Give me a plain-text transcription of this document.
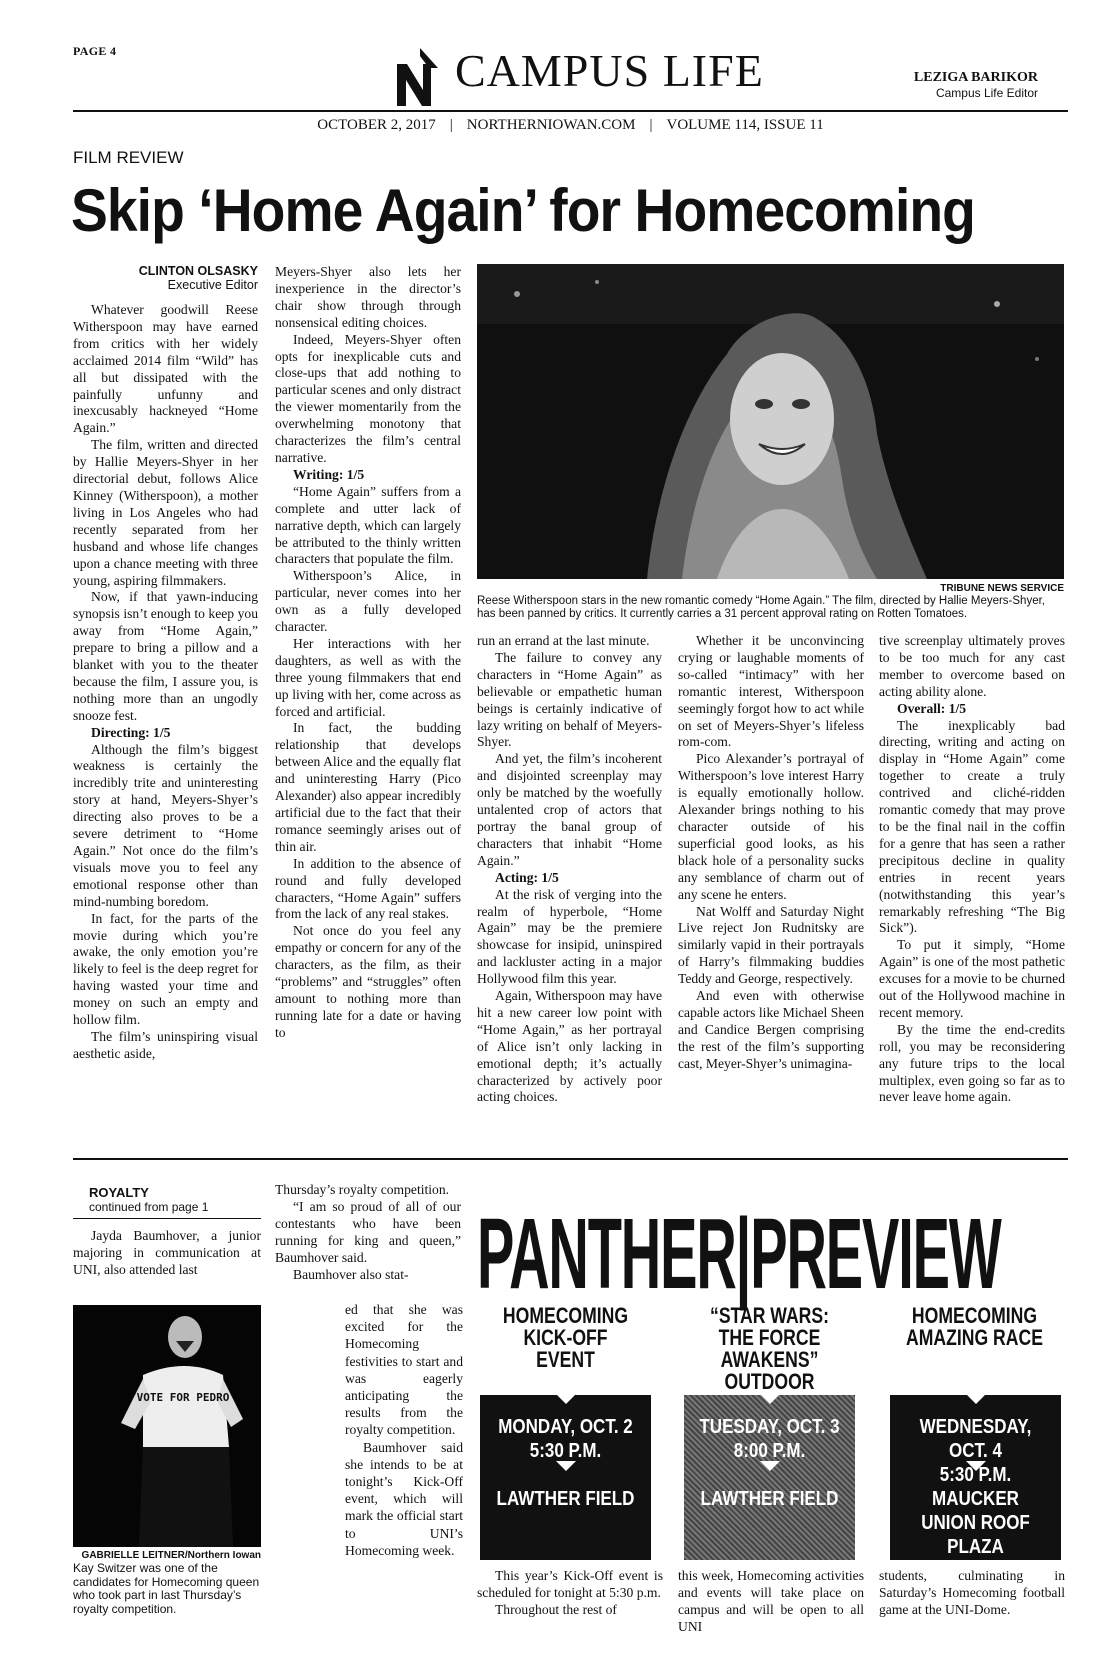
PAGE 4	CAMPUS LIFE	LEZIGA BARIKOR
Campus Life Editor
OCTOBER 2, 2017 | NORTHERNIOWAN.COM | VOLUME 114, ISSUE 11
FILM REVIEW
Skip ‘Home Again’ for Homecoming
CLINTON OLSASKY
Executive Editor

Whatever goodwill Reese Witherspoon may have earned from critics with her widely acclaimed 2014 film “Wild” has all but dissipated with the painfully unfunny and inexcusably hackneyed “Home Again.”

The film, written and directed by Hallie Meyers-Shyer in her directorial debut, follows Alice Kinney (Witherspoon), a mother living in Los Angeles who had recently separated from her husband and whose life changes upon a chance meeting with three young, aspiring filmmakers.

Now, if that yawn-inducing synopsis isn’t enough to keep you away from “Home Again,” prepare to bring a pillow and a blanket with you to the theater because the film, I assure you, is nothing more than an ungodly snooze fest.

Directing: 1/5

Although the film’s biggest weakness is certainly the incredibly trite and uninteresting story at hand, Meyers-Shyer’s directing also proves to be a severe detriment to “Home Again.” Not once do the film’s visuals move you to feel any emotional response other than mind-numbing boredom.

In fact, for the parts of the movie during which you’re awake, the only emotion you’re likely to feel is the deep regret for having wasted your time and money on such an empty and hollow film.

The film’s uninspiring visual aesthetic aside,

Meyers-Shyer also lets her inexperience in the director’s chair show through through nonsensical editing choices.

Indeed, Meyers-Shyer often opts for inexplicable cuts and close-ups that add nothing to particular scenes and only distract the viewer momentarily from the overwhelming monotony that characterizes the film’s central narrative.

Writing: 1/5

“Home Again” suffers from a complete and utter lack of narrative depth, which can largely be attributed to the thinly written characters that populate the film.

Witherspoon’s Alice, in particular, never comes into her own as a fully developed character.

Her interactions with her daughters, as well as with the three young filmmakers that end up living with her, come across as forced and artificial.

In fact, the budding relationship that develops between Alice and the equally flat and uninteresting Harry (Pico Alexander) also appear incredibly artificial due to the fact that their romance seemingly arises out of thin air.

In addition to the absence of round and fully developed characters, “Home Again” suffers from the lack of any real stakes.

Not once do you feel any empathy or concern for any of the characters, as the film, as their “problems” and “struggles” often amount to nothing more than running late for a date or having to

TRIBUNE NEWS SERVICE
Reese Witherspoon stars in the new romantic comedy “Home Again.” The film, directed by Hallie Meyers-Shyer, has been panned by critics. It currently carries a 31 percent approval rating on Rotten Tomatoes.

run an errand at the last minute.

The failure to convey any characters in “Home Again” as believable or empathetic human beings is certainly indicative of lazy writing on behalf of Meyers-Shyer.

And yet, the film’s incoherent and disjointed screenplay may only be matched by the woefully untalented crop of actors that portray the banal group of characters that inhabit “Home Again.”

Acting: 1/5

At the risk of verging into the realm of hyperbole, “Home Again” may be the premiere showcase for insipid, uninspired and lackluster acting in a major Hollywood film this year.

Again, Witherspoon may have hit a new career low point with “Home Again,” as her portrayal of Alice isn’t only lacking in emotional depth; it’s actually characterized by actively poor acting choices.

Whether it be unconvincing crying or laughable moments of so-called “intimacy” with her romantic interest, Witherspoon seemingly forgot how to act while on set of Meyers-Shyer’s lifeless rom-com.

Pico Alexander’s portrayal of Witherspoon’s love interest Harry is equally emotionally hollow. Alexander brings nothing to his character outside of his superficial good looks, as his black hole of a personality sucks any semblance of charm out of any scene he enters.

Nat Wolff and Saturday Night Live reject Jon Rudnitsky are similarly vapid in their portrayals of Harry’s filmmaking buddies Teddy and George, respectively.

And even with otherwise capable actors like Michael Sheen and Candice Bergen comprising the rest of the film’s supporting cast, Meyer-Shyer’s unimagina-

tive screenplay ultimately proves to be too much for any cast member to overcome based on acting ability alone.

Overall: 1/5

The inexplicably bad directing, writing and acting on display in “Home Again” come together to create a truly contrived and cliché-ridden romantic comedy that may prove to be the final nail in the coffin for a genre that has seen a rather precipitous decline in quality entries in recent years (notwithstanding this year’s remarkably refreshing “The Big Sick”).

To put it simply, “Home Again” is one of the most pathetic excuses for a movie to be churned out of the Hollywood machine in recent memory.

By the time the end-credits roll, you may be reconsidering any future trips to the local multiplex, even going so far as to never leave home again.

ROYALTY
continued from page 1

Jayda Baumhover, a junior majoring in communication at UNI, also attended last

VOTE FOR PEDRO
GABRIELLE LEITNER/Northern Iowan
Kay Switzer was one of the candidates for Homecoming queen who took part in last Thursday’s royalty competition.

Thursday’s royalty competition.

“I am so proud of all of our contestants who have been running for king and queen,” Baumhover said.

Baumhover also stat-

ed that she was excited for the Homecoming festivities to start and was eagerly anticipating the results from the royalty competition.

Baumhover said she intends to be at tonight’s Kick-Off event, which will mark the official start to UNI’s Homecoming week.

PANTHER|PREVIEW
HOMECOMING KICK-OFF EVENT
MONDAY, OCT. 2
5:30 P.M.
LAWTHER FIELD
“STAR WARS: THE FORCE AWAKENS” OUTDOOR
TUESDAY, OCT. 3
8:00 P.M.
LAWTHER FIELD
HOMECOMING AMAZING RACE
WEDNESDAY, OCT. 4
5:30 P.M.
MAUCKER UNION ROOF PLAZA

This year’s Kick-Off event is scheduled for tonight at 5:30 p.m.

Throughout the rest of

this week, Homecoming activities and events will take place on campus and will be open to all UNI

students, culminating in Saturday’s Homecoming football game at the UNI-Dome.
